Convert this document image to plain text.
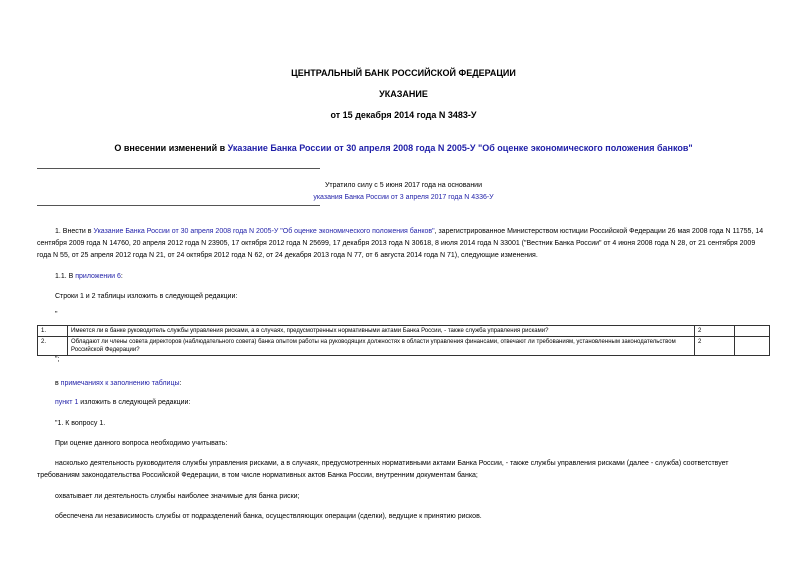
ЦЕНТРАЛЬНЫЙ БАНК РОССИЙСКОЙ ФЕДЕРАЦИИ
УКАЗАНИЕ
от 15 декабря 2014 года N 3483-У
О внесении изменений в Указание Банка России от 30 апреля 2008 года N 2005-У "Об оценке экономического положения банков"
Утратило силу с 5 июня 2017 года на основании
указания Банка России от 3 апреля 2017 года N 4336-У
1. Внести в Указание Банка России от 30 апреля 2008 года N 2005-У "Об оценке экономического положения банков", зарегистрированное Министерством юстиции Российской Федерации 26 мая 2008 года N 11755, 14 сентября 2009 года N 14760, 20 апреля 2012 года N 23905, 17 октября 2012 года N 25699, 17 декабря 2013 года N 30618, 8 июля 2014 года N 33001 ("Вестник Банка России" от 4 июня 2008 года N 28, от 21 сентября 2009 года N 55, от 25 апреля 2012 года N 21, от 24 октября 2012 года N 62, от 24 декабря 2013 года N 77, от 6 августа 2014 года N 71), следующие изменения.
1.1. В приложении 6:
Строки 1 и 2 таблицы изложить в следующей редакции:
"
1.	Имеется ли в банке руководитель службы управления рисками, а в случаях, предусмотренных нормативными актами Банка России, - также служба управления рисками?	2	
2.	Обладают ли члены совета директоров (наблюдательного совета) банка опытом работы на руководящих должностях в области управления финансами, отвечают ли требованиям, установленным законодательством Российской Федерации?	2	
";
в примечаниях к заполнению таблицы:
пункт 1 изложить в следующей редакции:
"1. К вопросу 1.
При оценке данного вопроса необходимо учитывать:
насколько деятельность руководителя службы управления рисками, а в случаях, предусмотренных нормативными актами Банка России, - также службы управления рисками (далее - служба) соответствует требованиям законодательства Российской Федерации, в том числе нормативных актов Банка России, внутренним документам банка;
охватывает ли деятельность службы наиболее значимые для банка риски;
обеспечена ли независимость службы от подразделений банка, осуществляющих операции (сделки), ведущие к принятию рисков.
